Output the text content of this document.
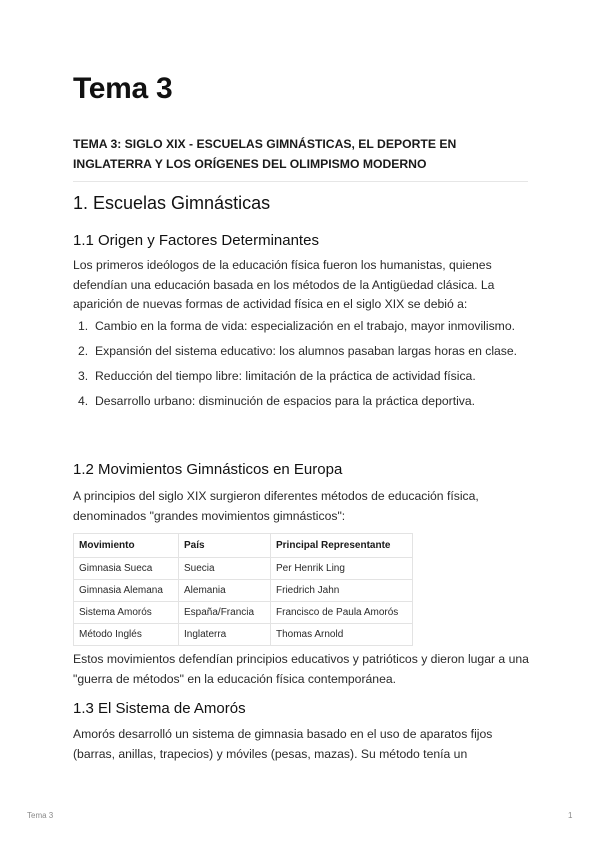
Tema 3

TEMA 3: SIGLO XIX - ESCUELAS GIMNÁSTICAS, EL DEPORTE EN INGLATERRA Y LOS ORÍGENES DEL OLIMPISMO MODERNO

1. Escuelas Gimnásticas
1.1 Origen y Factores Determinantes

Los primeros ideólogos de la educación física fueron los humanistas, quienes defendían una educación basada en los métodos de la Antigüedad clásica. La aparición de nuevas formas de actividad física en el siglo XIX se debió a:

1. Cambio en la forma de vida: especialización en el trabajo, mayor inmovilismo.
2. Expansión del sistema educativo: los alumnos pasaban largas horas en clase.
3. Reducción del tiempo libre: limitación de la práctica de actividad física.
4. Desarrollo urbano: disminución de espacios para la práctica deportiva.
1.2 Movimientos Gimnásticos en Europa

A principios del siglo XIX surgieron diferentes métodos de educación física, denominados "grandes movimientos gimnásticos":

Movimiento	País	Principal Representante
Gimnasia Sueca	Suecia	Per Henrik Ling
Gimnasia Alemana	Alemania	Friedrich Jahn
Sistema Amorós	España/Francia	Francisco de Paula Amorós
Método Inglés	Inglaterra	Thomas Arnold

Estos movimientos defendían principios educativos y patrióticos y dieron lugar a una "guerra de métodos" en la educación física contemporánea.

1.3 El Sistema de Amorós

Amorós desarrolló un sistema de gimnasia basado en el uso de aparatos fijos (barras, anillas, trapecios) y móviles (pesas, mazas). Su método tenía un

Tema 3	1
